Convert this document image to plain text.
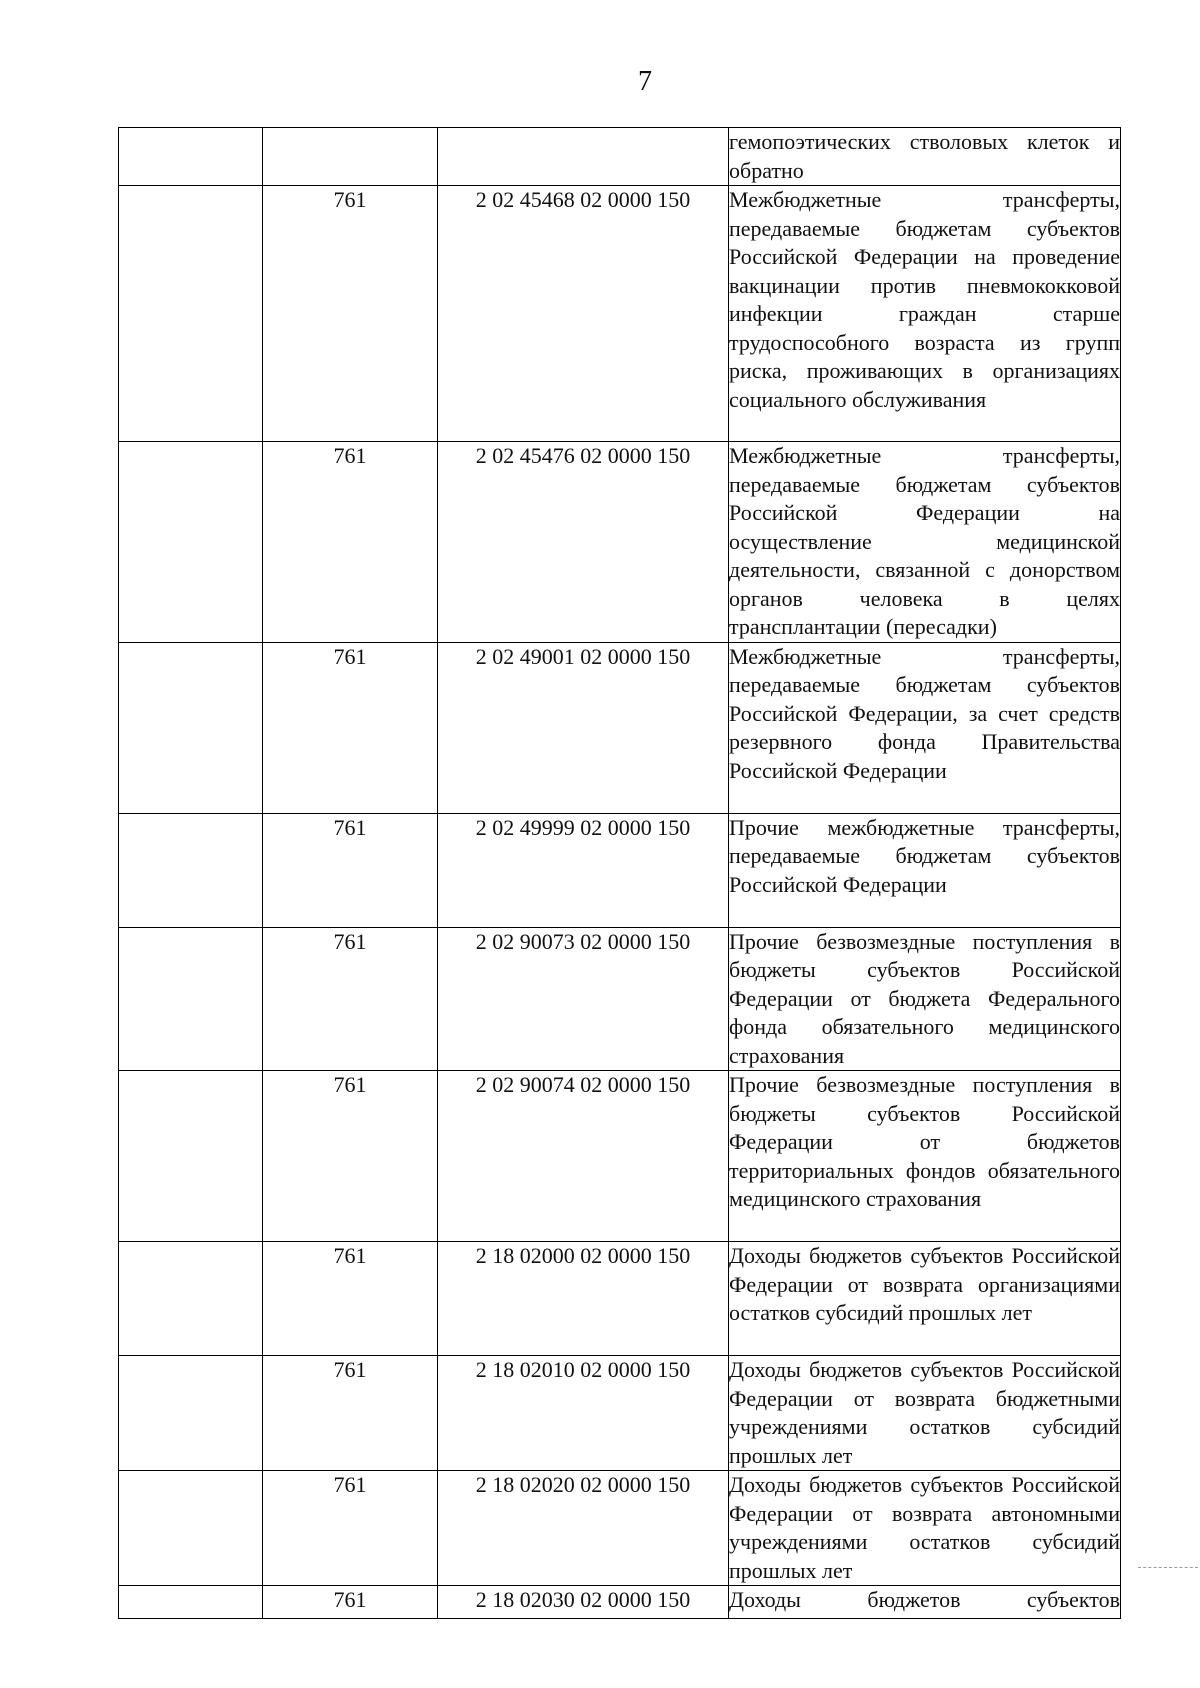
7
			гемопоэтических стволовых клеток и обратно
	761	2 02 45468 02 0000 150	Межбюджетные трансферты, передаваемые бюджетам субъектов Российской Федерации на проведение вакцинации против пневмококковой инфекции граждан старше трудоспособного возраста из групп риска, проживающих в организациях социального обслуживания
	761	2 02 45476 02 0000 150	Межбюджетные трансферты, передаваемые бюджетам субъектов Российской Федерации на осуществление медицинской деятельности, связанной с донорством органов человека в целях трансплантации (пересадки)
	761	2 02 49001 02 0000 150	Межбюджетные трансферты, передаваемые бюджетам субъектов Российской Федерации, за счет средств резервного фонда Правительства Российской Федерации
	761	2 02 49999 02 0000 150	Прочие межбюджетные трансферты, передаваемые бюджетам субъектов Российской Федерации
	761	2 02 90073 02 0000 150	Прочие безвозмездные поступления в бюджеты субъектов Российской Федерации от бюджета Федерального фонда обязательного медицинского страхования
	761	2 02 90074 02 0000 150	Прочие безвозмездные поступления в бюджеты субъектов Российской Федерации от бюджетов территориальных фондов обязательного медицинского страхования
	761	2 18 02000 02 0000 150	Доходы бюджетов субъектов Российской Федерации от возврата организациями остатков субсидий прошлых лет
	761	2 18 02010 02 0000 150	Доходы бюджетов субъектов Российской Федерации от возврата бюджетными учреждениями остатков субсидий прошлых лет
	761	2 18 02020 02 0000 150	Доходы бюджетов субъектов Российской Федерации от возврата автономными учреждениями остатков субсидий прошлых лет
	761	2 18 02030 02 0000 150	Доходы бюджетов субъектов
